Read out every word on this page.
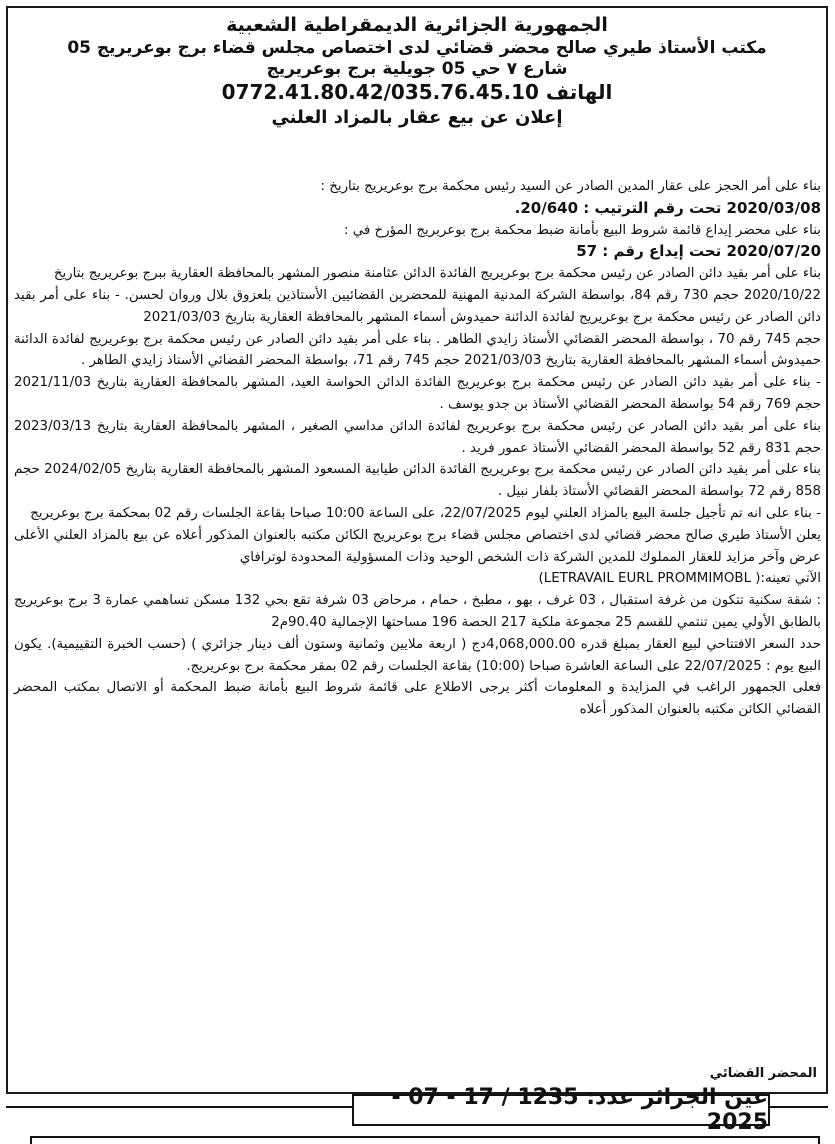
الجمهورية الجزائرية الديمقراطية الشعبية
مكتب الأستاذ طيري صالح محضر قضائي لدى اختصاص مجلس قضاء برج بوعريريج 05
شارع ٧ حي 05 جويلية برج بوعريريج
الهاتف 0772.41.80.42/035.76.45.10
إعلان عن بيع عقار بالمزاد العلني

بناء على أمر الحجز على عقار المدين الصادر عن السيد رئيس محكمة برج بوعريريج بتاريخ :

2020/03/08 تحت رقم الترتيب : 20/640.

بناء على محضر إيداع قائمة شروط البيع بأمانة ضبط محكمة برج بوعريريج المؤرخ في :

2020/07/20 تحت إيداع رقم : 57

بناء على أمر بقيد دائن الصادر عن رئيس محكمة برج بوعريريج الفائدة الدائن عثامنة منصور المشهر بالمحافظة العقارية ببرج بوعريريج بتاريخ

2020/10/22 حجم 730 رقم 84، بواسطة الشركة المدنية المهنية للمحضرين القضائيين الأستاذين بلعزوق بلال وروان لحسن. - بناء على أمر بقيد دائن الصادر عن رئيس محكمة برج بوعريريج لفائدة الدائنة حميدوش أسماء المشهر بالمحافظة العقارية بتاريخ 2021/03/03

حجم 745 رقم 70 ، بواسطة المحضر القضائي الأستاذ زايدي الطاهر . بناء على أمر بقيد دائن الصادر عن رئيس محكمة برج بوعريريج لفائدة الدائنة حميدوش أسماء المشهر بالمحافظة العقارية بتاريخ 2021/03/03 حجم 745 رقم 71، بواسطة المحضر القضائي الأستاذ زايدي الطاهر .

- بناء على أمر بقيد دائن الصادر عن رئيس محكمة برج بوعريريج الفائدة الدائن الحواسة العيد، المشهر بالمحافظة العقارية بتاريخ 2021/11/03 حجم 769 رقم 54 بواسطة المحضر القضائي الأستاذ بن جدو يوسف .

بناء على أمر بقيد دائن الصادر عن رئيس محكمة برج بوعريريج لفائدة الدائن مداسي الصغير ، المشهر بالمحافظة العقارية بتاريخ 2023/03/13 حجم 831 رقم 52 بواسطة المحضر القضائي الأستاذ عمور فريد .

بناء على أمر بقيد دائن الصادر عن رئيس محكمة برج بوعريريج الفائدة الدائن طيابية المسعود المشهر بالمحافظة العقارية بتاريخ 2024/02/05 حجم 858 رقم 72 بواسطة المحضر القضائي الأستاذ بلفار نبيل .

- بناء على انه تم تأجيل جلسة البيع بالمزاد العلني ليوم 22/07/2025، على الساعة 10:00 صباحا بقاعة الجلسات رقم 02 بمحكمة برج بوعريريج

يعلن الأستاذ طيري صالح محضر قضائي لدى اختصاص مجلس قضاء برج بوعريريج الكائن مكتبه بالعنوان المذكور أعلاه عن بيع بالمزاد العلني الأعلى عرض وآخر مزايد للعقار المملوك للمدين الشركة ذات الشخص الوحيد وذات المسؤولية المحدودة لوترافاي

الآتي تعينه:( LETRAVAIL EURL PROMMIMOBL)

: شقة سكنية تتكون من غرفة استقبال ، 03 غرف ، بهو ، مطبخ ، حمام ، مرحاض 03 شرفة تقع بحي 132 مسكن تساهمي عمارة 3 برج بوعريريج بالطابق الأولي يمين تنتمي للقسم 25 مجموعة ملكية 217 الحصة 196 مساحتها الإجمالية 90.40م2

حدد السعر الافتتاحي لبيع العقار بمبلغ قدره 4,068,000.00دج ( اربعة ملايين وثمانية وستون ألف دينار جزائري ) (حسب الخبرة التقييمية). يكون البيع يوم : 22/07/2025 على الساعة العاشرة صباحا (10:00) بقاعة الجلسات رقم 02 بمقر محكمة برج بوعريريج.

فعلى الجمهور الراغب في المزايدة و المعلومات أكثر يرجى الاطلاع على قائمة شروط البيع بأمانة ضبط المحكمة أو الاتصال بمكتب المحضر القضائي الكائن مكتبه بالعنوان المذكور أعلاه

المحضر القضائي
عين الجزائر عدد: 1235 / 17 - 07 - 2025
